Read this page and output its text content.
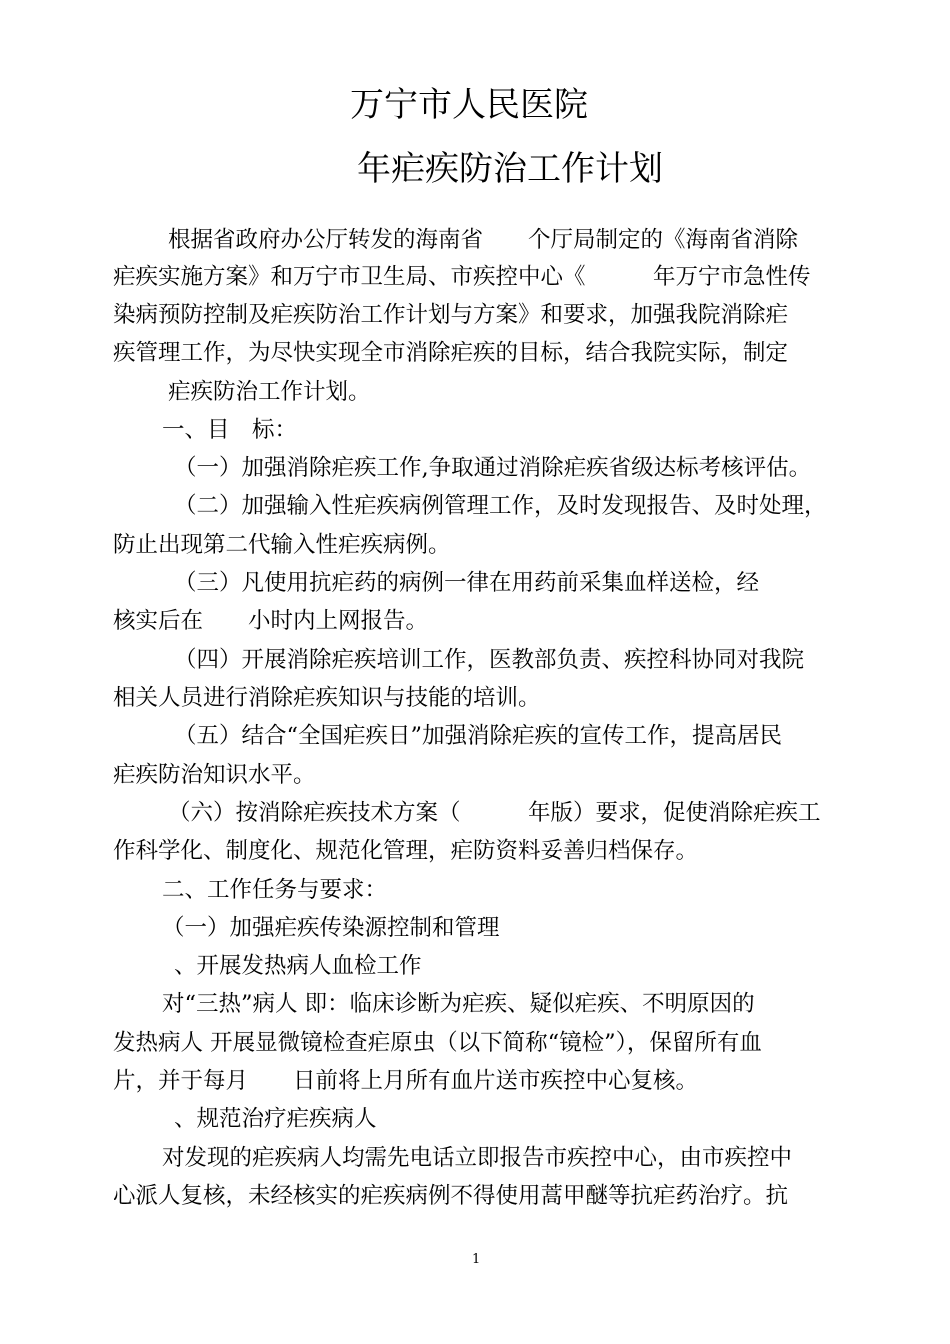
万宁市人民医院
年疟疾防治工作计划
根据省政府办公厅转发的海南省　　个厅局制定的《海南省消除
疟疾实施方案》和万宁市卫生局、市疾控中心《　　　年万宁市急性传
染病预防控制及疟疾防治工作计划与方案》和要求，加强我院消除疟
疾管理工作，为尽快实现全市消除疟疾的目标，结合我院实际，制定
疟疾防治工作计划。
一、目　标：
（一）加强消除疟疾工作,争取通过消除疟疾省级达标考核评估。
（二）加强输入性疟疾病例管理工作，及时发现报告、及时处理，
防止出现第二代输入性疟疾病例。
（三）凡使用抗疟药的病例一律在用药前采集血样送检，经
核实后在　　小时内上网报告。
（四）开展消除疟疾培训工作，医教部负责、疾控科协同对我院
相关人员进行消除疟疾知识与技能的培训。
（五）结合“全国疟疾日”加强消除疟疾的宣传工作，提高居民
疟疾防治知识水平。
（六）按消除疟疾技术方案（　　　年版）要求，促使消除疟疾工
作科学化、制度化、规范化管理，疟防资料妥善归档保存。
二、工作任务与要求：
（一）加强疟疾传染源控制和管理
、开展发热病人血检工作
对“三热”病人 即：临床诊断为疟疾、疑似疟疾、不明原因的
发热病人 开展显微镜检查疟原虫（以下简称“镜检”），保留所有血
片，并于每月　　日前将上月所有血片送市疾控中心复核。
、规范治疗疟疾病人
对发现的疟疾病人均需先电话立即报告市疾控中心，由市疾控中
心派人复核，未经核实的疟疾病例不得使用蒿甲醚等抗疟药治疗。抗
1
